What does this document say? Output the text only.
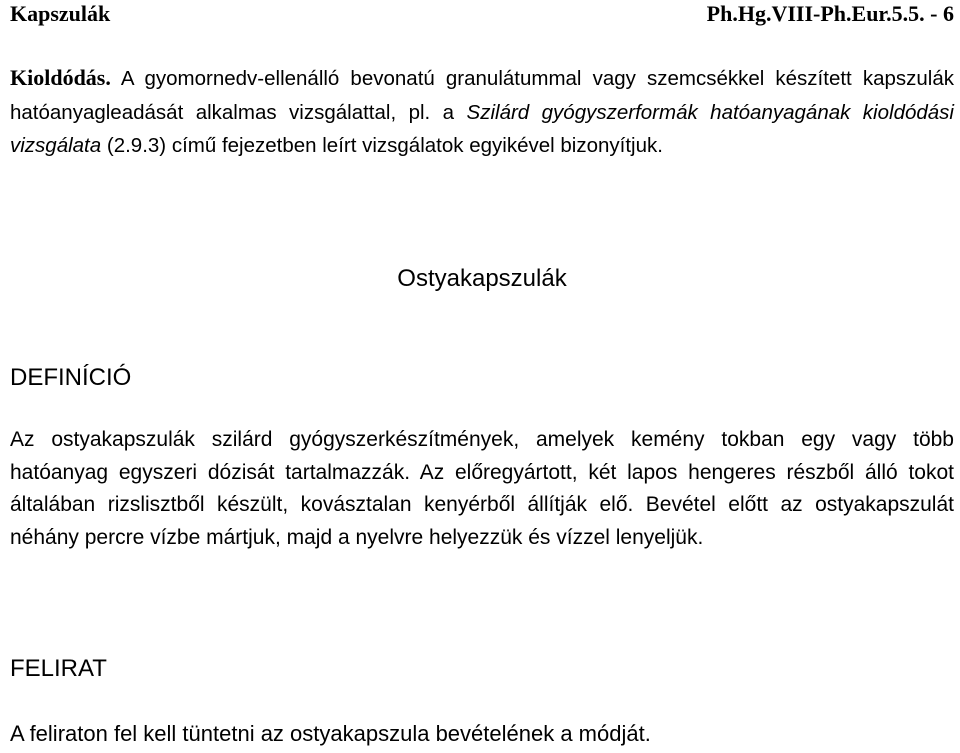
Kapszulák	Ph.Hg.VIII-Ph.Eur.5.5. - 6

Kioldódás. A gyomornedv-ellenálló bevonatú granulátummal vagy szemcsékkel készített kapszulák hatóanyagleadását alkalmas vizsgálattal, pl. a Szilárd gyógyszerformák hatóanyagának kioldódási vizsgálata (2.9.3) című fejezetben leírt vizsgálatok egyikével bizonyítjuk.

Ostyakapszulák
DEFINÍCIÓ

Az ostyakapszulák szilárd gyógyszerkészítmények, amelyek kemény tokban egy vagy több hatóanyag egyszeri dózisát tartalmazzák. Az előregyártott, két lapos hengeres részből álló tokot általában rizslisztből készült, kovásztalan kenyérből állítják elő. Bevétel előtt az ostyakapszulát néhány percre vízbe mártjuk, majd a nyelvre helyezzük és vízzel lenyeljük.

FELIRAT

A feliraton fel kell tüntetni az ostyakapszula bevételének a módját.
